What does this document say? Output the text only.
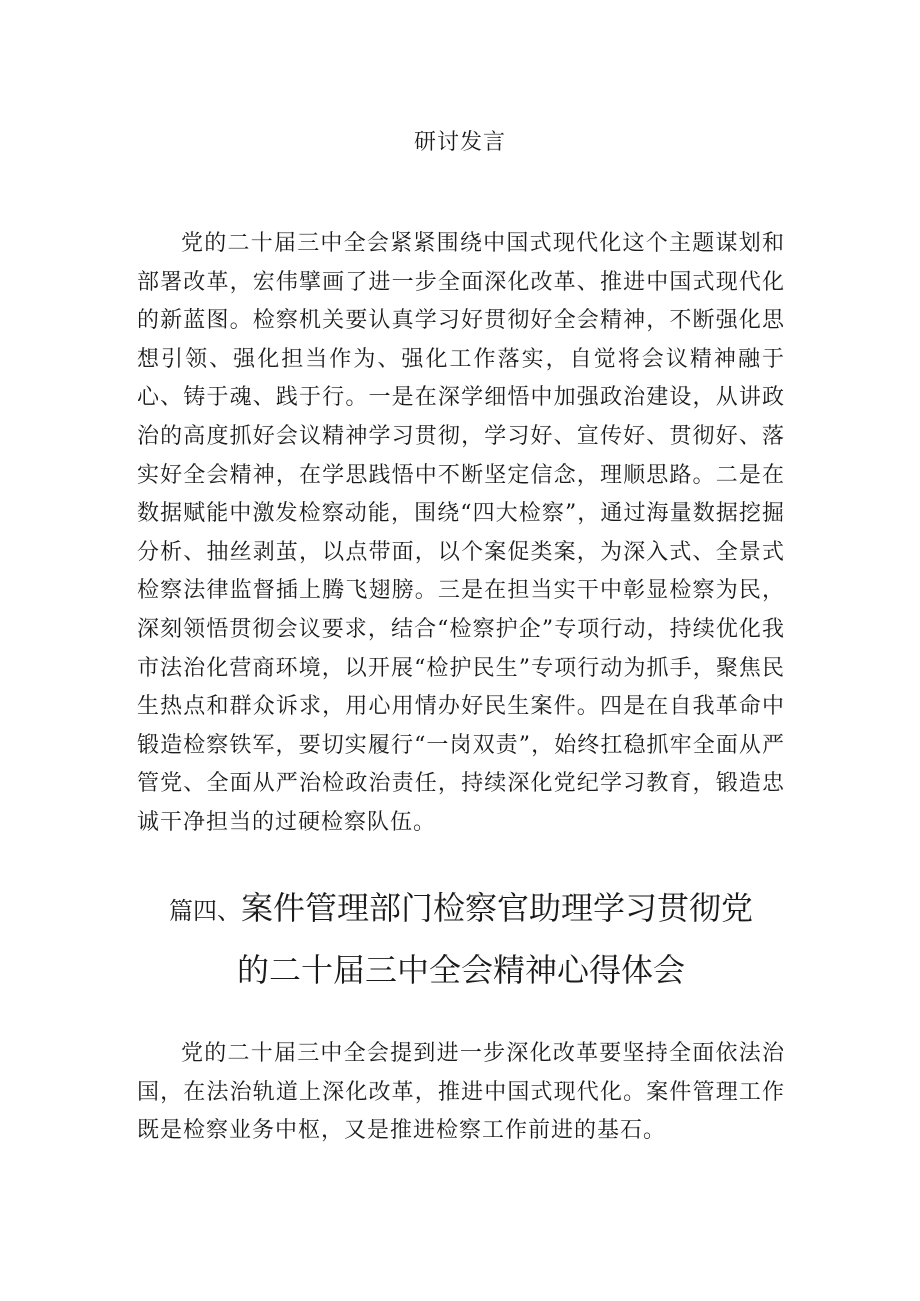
研讨发言

党的二十届三中全会紧紧围绕中国式现代化这个主题谋划和部署改革，宏伟擘画了进一步全面深化改革、推进中国式现代化的新蓝图。检察机关要认真学习好贯彻好全会精神，不断强化思想引领、强化担当作为、强化工作落实，自觉将会议精神融于心、铸于魂、践于行。一是在深学细悟中加强政治建设，从讲政治的高度抓好会议精神学习贯彻，学习好、宣传好、贯彻好、落实好全会精神，在学思践悟中不断坚定信念，理顺思路。二是在数据赋能中激发检察动能，围绕“四大检察”，通过海量数据挖掘分析、抽丝剥茧，以点带面，以个案促类案，为深入式、全景式检察法律监督插上腾飞翅膀。三是在担当实干中彰显检察为民，深刻领悟贯彻会议要求，结合“检察护企”专项行动，持续优化我市法治化营商环境，以开展“检护民生”专项行动为抓手，聚焦民生热点和群众诉求，用心用情办好民生案件。四是在自我革命中锻造检察铁军，要切实履行“一岗双责”，始终扛稳抓牢全面从严管党、全面从严治检政治责任，持续深化党纪学习教育，锻造忠诚干净担当的过硬检察队伍。

篇四、案件管理部门检察官助理学习贯彻党
的二十届三中全会精神心得体会

党的二十届三中全会提到进一步深化改革要坚持全面依法治国，在法治轨道上深化改革，推进中国式现代化。案件管理工作既是检察业务中枢，又是推进检察工作前进的基石。
